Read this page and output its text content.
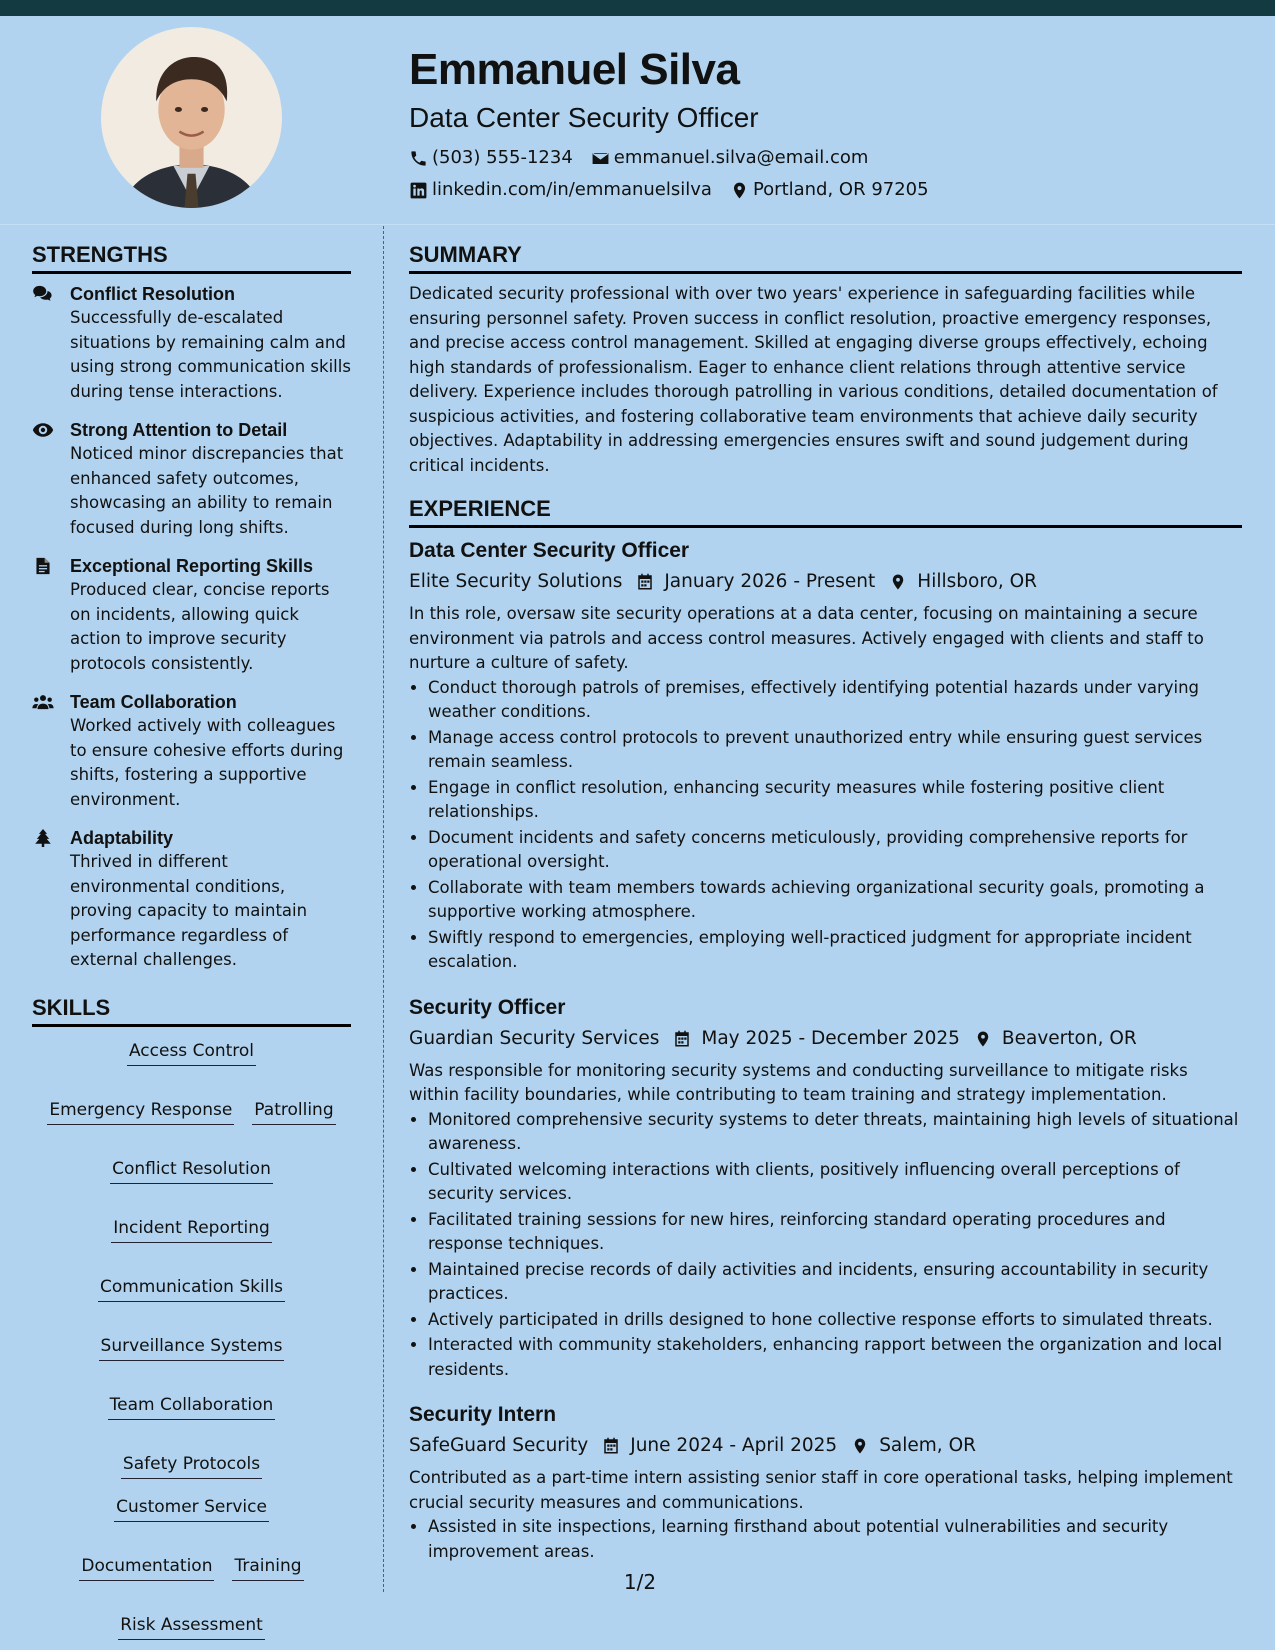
Emmanuel Silva
Data Center Security Officer
(503) 555-1234 emmanuel.silva@email.com
linkedin.com/in/emmanuelsilva Portland, OR 97205
STRENGTHS
Conflict Resolution

Successfully de-escalated situations by remaining calm and using strong communication skills during tense interactions.

Strong Attention to Detail

Noticed minor discrepancies that enhanced safety outcomes, showcasing an ability to remain focused during long shifts.

Exceptional Reporting Skills

Produced clear, concise reports on incidents, allowing quick action to improve security protocols consistently.

Team Collaboration

Worked actively with colleagues to ensure cohesive efforts during shifts, fostering a supportive environment.

Adaptability

Thrived in different environmental conditions, proving capacity to maintain performance regardless of external challenges.

SKILLS
Access Control
Emergency Response Patrolling
Conflict Resolution
Incident Reporting
Communication Skills
Surveillance Systems
Team Collaboration
Safety Protocols
Customer Service
Documentation Training
Risk Assessment
SUMMARY

Dedicated security professional with over two years' experience in safeguarding facilities while ensuring personnel safety. Proven success in conflict resolution, proactive emergency responses, and precise access control management. Skilled at engaging diverse groups effectively, echoing high standards of professionalism. Eager to enhance client relations through attentive service delivery. Experience includes thorough patrolling in various conditions, detailed documentation of suspicious activities, and fostering collaborative team environments that achieve daily security objectives. Adaptability in addressing emergencies ensures swift and sound judgement during critical incidents.

EXPERIENCE
Data Center Security Officer
Elite Security Solutions January 2026 - Present Hillsboro, OR

In this role, oversaw site security operations at a data center, focusing on maintaining a secure environment via patrols and access control measures. Actively engaged with clients and staff to nurture a culture of safety.

• Conduct thorough patrols of premises, effectively identifying potential hazards under varying weather conditions.
• Manage access control protocols to prevent unauthorized entry while ensuring guest services remain seamless.
• Engage in conflict resolution, enhancing security measures while fostering positive client relationships.
• Document incidents and safety concerns meticulously, providing comprehensive reports for operational oversight.
• Collaborate with team members towards achieving organizational security goals, promoting a supportive working atmosphere.
• Swiftly respond to emergencies, employing well-practiced judgment for appropriate incident escalation.
Security Officer
Guardian Security Services May 2025 - December 2025 Beaverton, OR

Was responsible for monitoring security systems and conducting surveillance to mitigate risks within facility boundaries, while contributing to team training and strategy implementation.

• Monitored comprehensive security systems to deter threats, maintaining high levels of situational awareness.
• Cultivated welcoming interactions with clients, positively influencing overall perceptions of security services.
• Facilitated training sessions for new hires, reinforcing standard operating procedures and response techniques.
• Maintained precise records of daily activities and incidents, ensuring accountability in security practices.
• Actively participated in drills designed to hone collective response efforts to simulated threats.
• Interacted with community stakeholders, enhancing rapport between the organization and local residents.
Security Intern
SafeGuard Security June 2024 - April 2025 Salem, OR

Contributed as a part-time intern assisting senior staff in core operational tasks, helping implement crucial security measures and communications.

• Assisted in site inspections, learning firsthand about potential vulnerabilities and security improvement areas.
1/2
